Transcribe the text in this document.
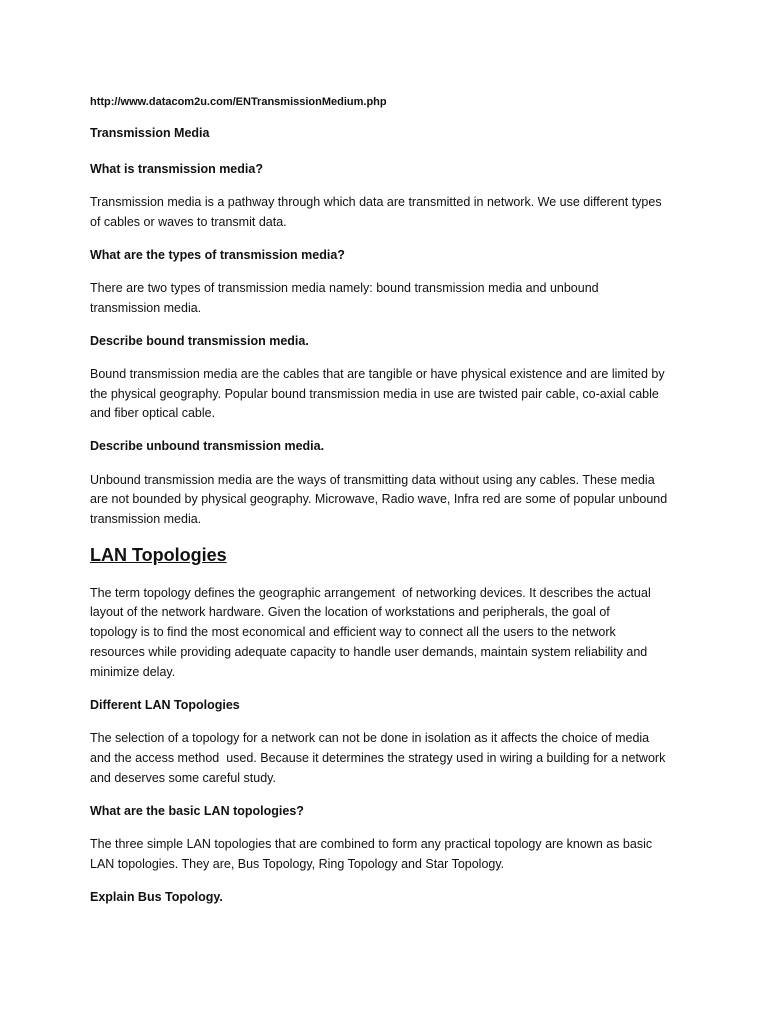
http://www.datacom2u.com/ENTransmissionMedium.php
Transmission Media
What is transmission media?
Transmission media is a pathway through which data are transmitted in network. We use different types
of cables or waves to transmit data.
What are the types of transmission media?
There are two types of transmission media namely: bound transmission media and unbound
transmission media.
Describe bound transmission media.
Bound transmission media are the cables that are tangible or have physical existence and are limited by
the physical geography. Popular bound transmission media in use are twisted pair cable, co-axial cable
and fiber optical cable.
Describe unbound transmission media.
Unbound transmission media are the ways of transmitting data without using any cables. These media
are not bounded by physical geography. Microwave, Radio wave, Infra red are some of popular unbound
transmission media.
LAN Topologies
The term topology defines the geographic arrangement  of networking devices. It describes the actual
layout of the network hardware. Given the location of workstations and peripherals, the goal of
topology is to find the most economical and efficient way to connect all the users to the network
resources while providing adequate capacity to handle user demands, maintain system reliability and
minimize delay.
Different LAN Topologies
The selection of a topology for a network can not be done in isolation as it affects the choice of media
and the access method  used. Because it determines the strategy used in wiring a building for a network
and deserves some careful study.
What are the basic LAN topologies?
The three simple LAN topologies that are combined to form any practical topology are known as basic
LAN topologies. They are, Bus Topology, Ring Topology and Star Topology.
Explain Bus Topology.
